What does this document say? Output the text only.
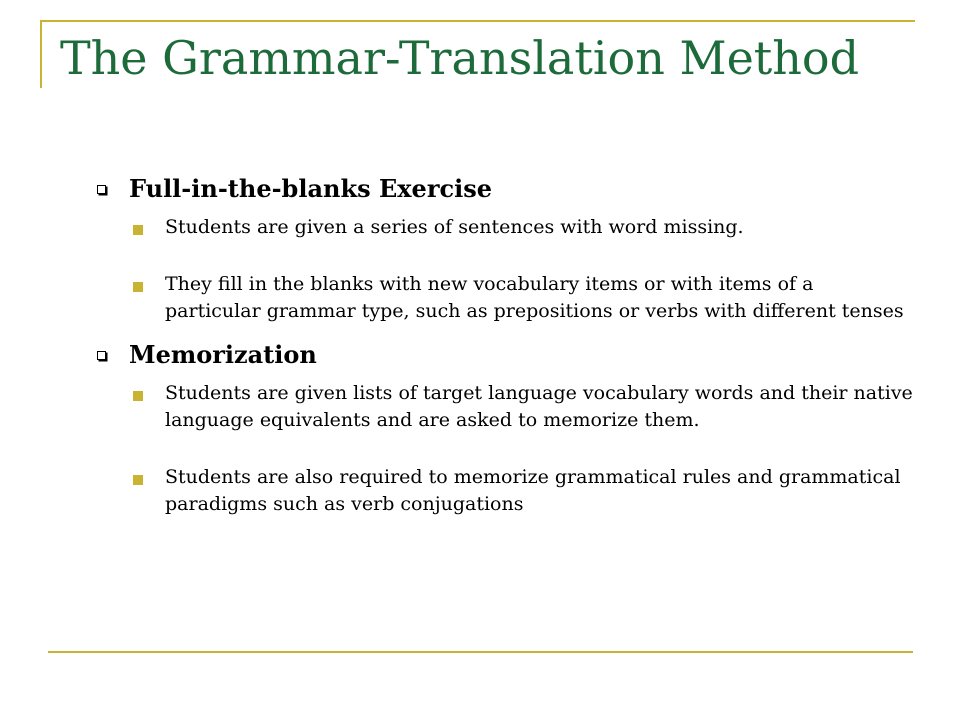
The Grammar-Translation Method
Full-in-the-blanks Exercise
Students are given a series of sentences with word missing.
They fill in the blanks with new vocabulary items or with items of a particular grammar type, such as prepositions or verbs with different tenses
Memorization
Students are given lists of target language vocabulary words and their native language equivalents and are asked to memorize them.
Students are also required to memorize grammatical rules and grammatical paradigms such as verb conjugations
